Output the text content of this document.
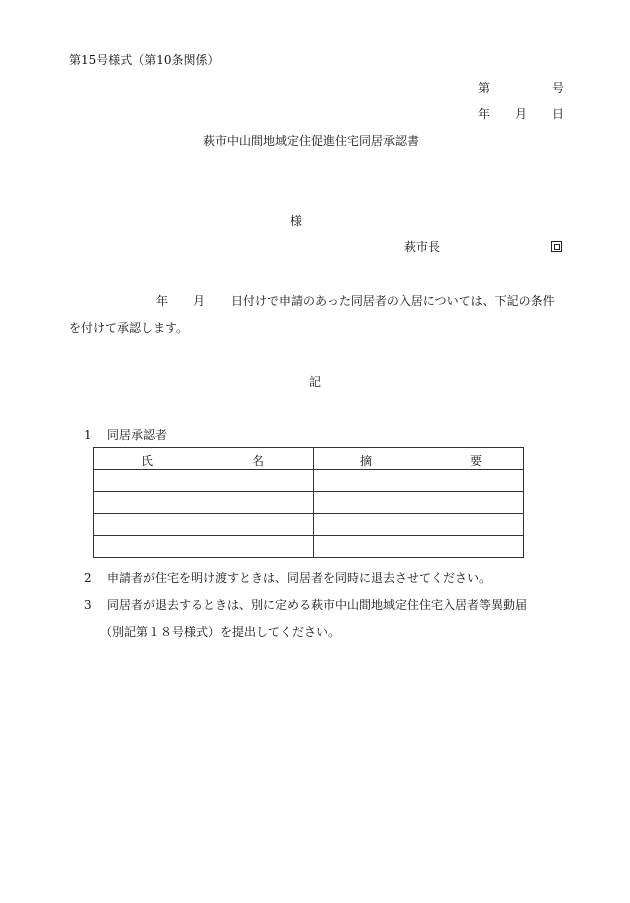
第15号様式（第10条関係）
第	号
年 月 日
萩市中山間地域定住促進住宅同居承認書
様
萩市長
年 月 日付けで申請のあった同居者の入居については、下記の条件
を付けて承認します。
記
1 同居承認者
氏 名	摘 要

2 申請者が住宅を明け渡すときは、同居者を同時に退去させてください。
3 同居者が退去するときは、別に定める萩市中山間地域定住住宅入居者等異動届
（別記第１８号様式）を提出してください。
